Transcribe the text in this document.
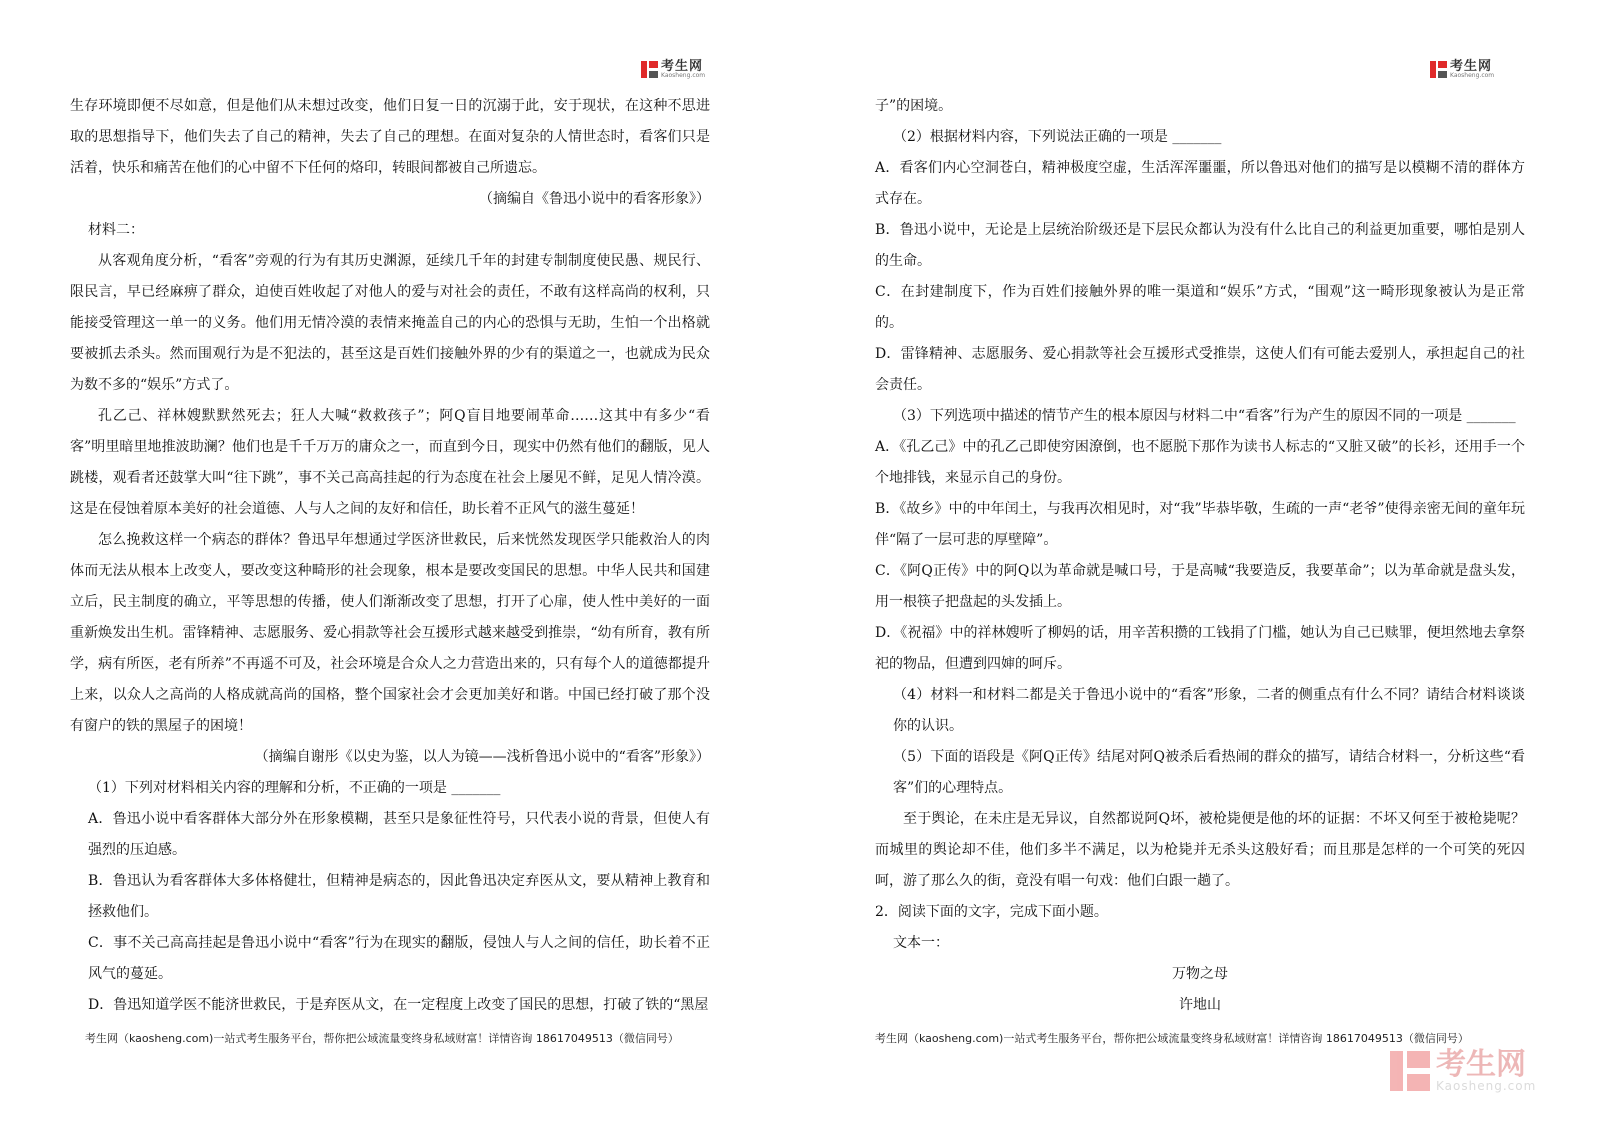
考生网
Kaosheng.com

生存环境即便不尽如意，但是他们从未想过改变，他们日复一日的沉溺于此，安于现状，在这种不思进取的思想指导下，他们失去了自己的精神，失去了自己的理想。在面对复杂的人情世态时，看客们只是活着，快乐和痛苦在他们的心中留不下任何的烙印，转眼间都被自己所遗忘。

（摘编自《鲁迅小说中的看客形象》）

材料二：

从客观角度分析，“看客”旁观的行为有其历史渊源，延续几千年的封建专制制度使民愚、规民行、限民言，早已经麻痹了群众，迫使百姓收起了对他人的爱与对社会的责任，不敢有这样高尚的权利，只能接受管理这一单一的义务。他们用无情冷漠的表情来掩盖自己的内心的恐惧与无助，生怕一个出格就要被抓去杀头。然而围观行为是不犯法的，甚至这是百姓们接触外界的少有的渠道之一，也就成为民众为数不多的“娱乐”方式了。

孔乙己、祥林嫂默默然死去；狂人大喊“救救孩子”；阿Q盲目地要闹革命……这其中有多少“看客”明里暗里地推波助澜？他们也是千千万万的庸众之一，而直到今日，现实中仍然有他们的翻版，见人跳楼，观看者还鼓掌大叫“往下跳”，事不关己高高挂起的行为态度在社会上屡见不鲜，足见人情冷漠。这是在侵蚀着原本美好的社会道德、人与人之间的友好和信任，助长着不正风气的滋生蔓延！

怎么挽救这样一个病态的群体？鲁迅早年想通过学医济世救民，后来恍然发现医学只能救治人的肉体而无法从根本上改变人，要改变这种畸形的社会现象，根本是要改变国民的思想。中华人民共和国建立后，民主制度的确立，平等思想的传播，使人们渐渐改变了思想，打开了心扉，使人性中美好的一面重新焕发出生机。雷锋精神、志愿服务、爱心捐款等社会互援形式越来越受到推崇，“幼有所育，教有所学，病有所医，老有所养”不再遥不可及，社会环境是合众人之力营造出来的，只有每个人的道德都提升上来，以众人之高尚的人格成就高尚的国格，整个国家社会才会更加美好和谐。中国已经打破了那个没有窗户的铁的黑屋子的困境！

（摘编自谢彤《以史为鉴，以人为镜——浅析鲁迅小说中的“看客”形象》）

（1）下列对材料相关内容的理解和分析，不正确的一项是 _______

A．鲁迅小说中看客群体大部分外在形象模糊，甚至只是象征性符号，只代表小说的背景，但使人有强烈的压迫感。

B．鲁迅认为看客群体大多体格健壮，但精神是病态的，因此鲁迅决定弃医从文，要从精神上教育和拯救他们。

C．事不关己高高挂起是鲁迅小说中“看客”行为在现实的翻版，侵蚀人与人之间的信任，助长着不正风气的蔓延。

D．鲁迅知道学医不能济世救民，于是弃医从文，在一定程度上改变了国民的思想，打破了铁的“黑屋

考生网（kaosheng.com)一站式考生服务平台，帮你把公域流量变终身私域财富！详情咨询 18617049513（微信同号）
考生网
Kaosheng.com

子”的困境。

（2）根据材料内容，下列说法正确的一项是 _______

A．看客们内心空洞苍白，精神极度空虚，生活浑浑噩噩，所以鲁迅对他们的描写是以模糊不清的群体方式存在。

B．鲁迅小说中，无论是上层统治阶级还是下层民众都认为没有什么比自己的利益更加重要，哪怕是别人的生命。

C．在封建制度下，作为百姓们接触外界的唯一渠道和“娱乐”方式，“围观”这一畸形现象被认为是正常的。

D．雷锋精神、志愿服务、爱心捐款等社会互援形式受推崇，这使人们有可能去爱别人，承担起自己的社会责任。

（3）下列选项中描述的情节产生的根本原因与材料二中“看客”行为产生的原因不同的一项是 _______

A．《孔乙己》中的孔乙己即使穷困潦倒，也不愿脱下那作为读书人标志的“又脏又破”的长衫，还用手一个个地排钱，来显示自己的身份。

B．《故乡》中的中年闰土，与我再次相见时，对“我”毕恭毕敬，生疏的一声“老爷”使得亲密无间的童年玩伴“隔了一层可悲的厚壁障”。

C．《阿Q正传》中的阿Q以为革命就是喊口号，于是高喊“我要造反，我要革命”；以为革命就是盘头发，用一根筷子把盘起的头发插上。

D．《祝福》中的祥林嫂听了柳妈的话，用辛苦积攒的工钱捐了门槛，她认为自己已赎罪，便坦然地去拿祭祀的物品，但遭到四婶的呵斥。

（4）材料一和材料二都是关于鲁迅小说中的“看客”形象，二者的侧重点有什么不同？请结合材料谈谈你的认识。

（5）下面的语段是《阿Q正传》结尾对阿Q被杀后看热闹的群众的描写，请结合材料一，分析这些“看客”们的心理特点。

至于舆论，在未庄是无异议，自然都说阿Q坏，被枪毙便是他的坏的证据：不坏又何至于被枪毙呢？而城里的舆论却不佳，他们多半不满足，以为枪毙并无杀头这般好看；而且那是怎样的一个可笑的死囚呵，游了那么久的街，竟没有唱一句戏：他们白跟一趟了。

2．阅读下面的文字，完成下面小题。

文本一：

万物之母

许地山

考生网（kaosheng.com)一站式考生服务平台，帮你把公域流量变终身私域财富！详情咨询 18617049513（微信同号）
考生网
Kaosheng.com
